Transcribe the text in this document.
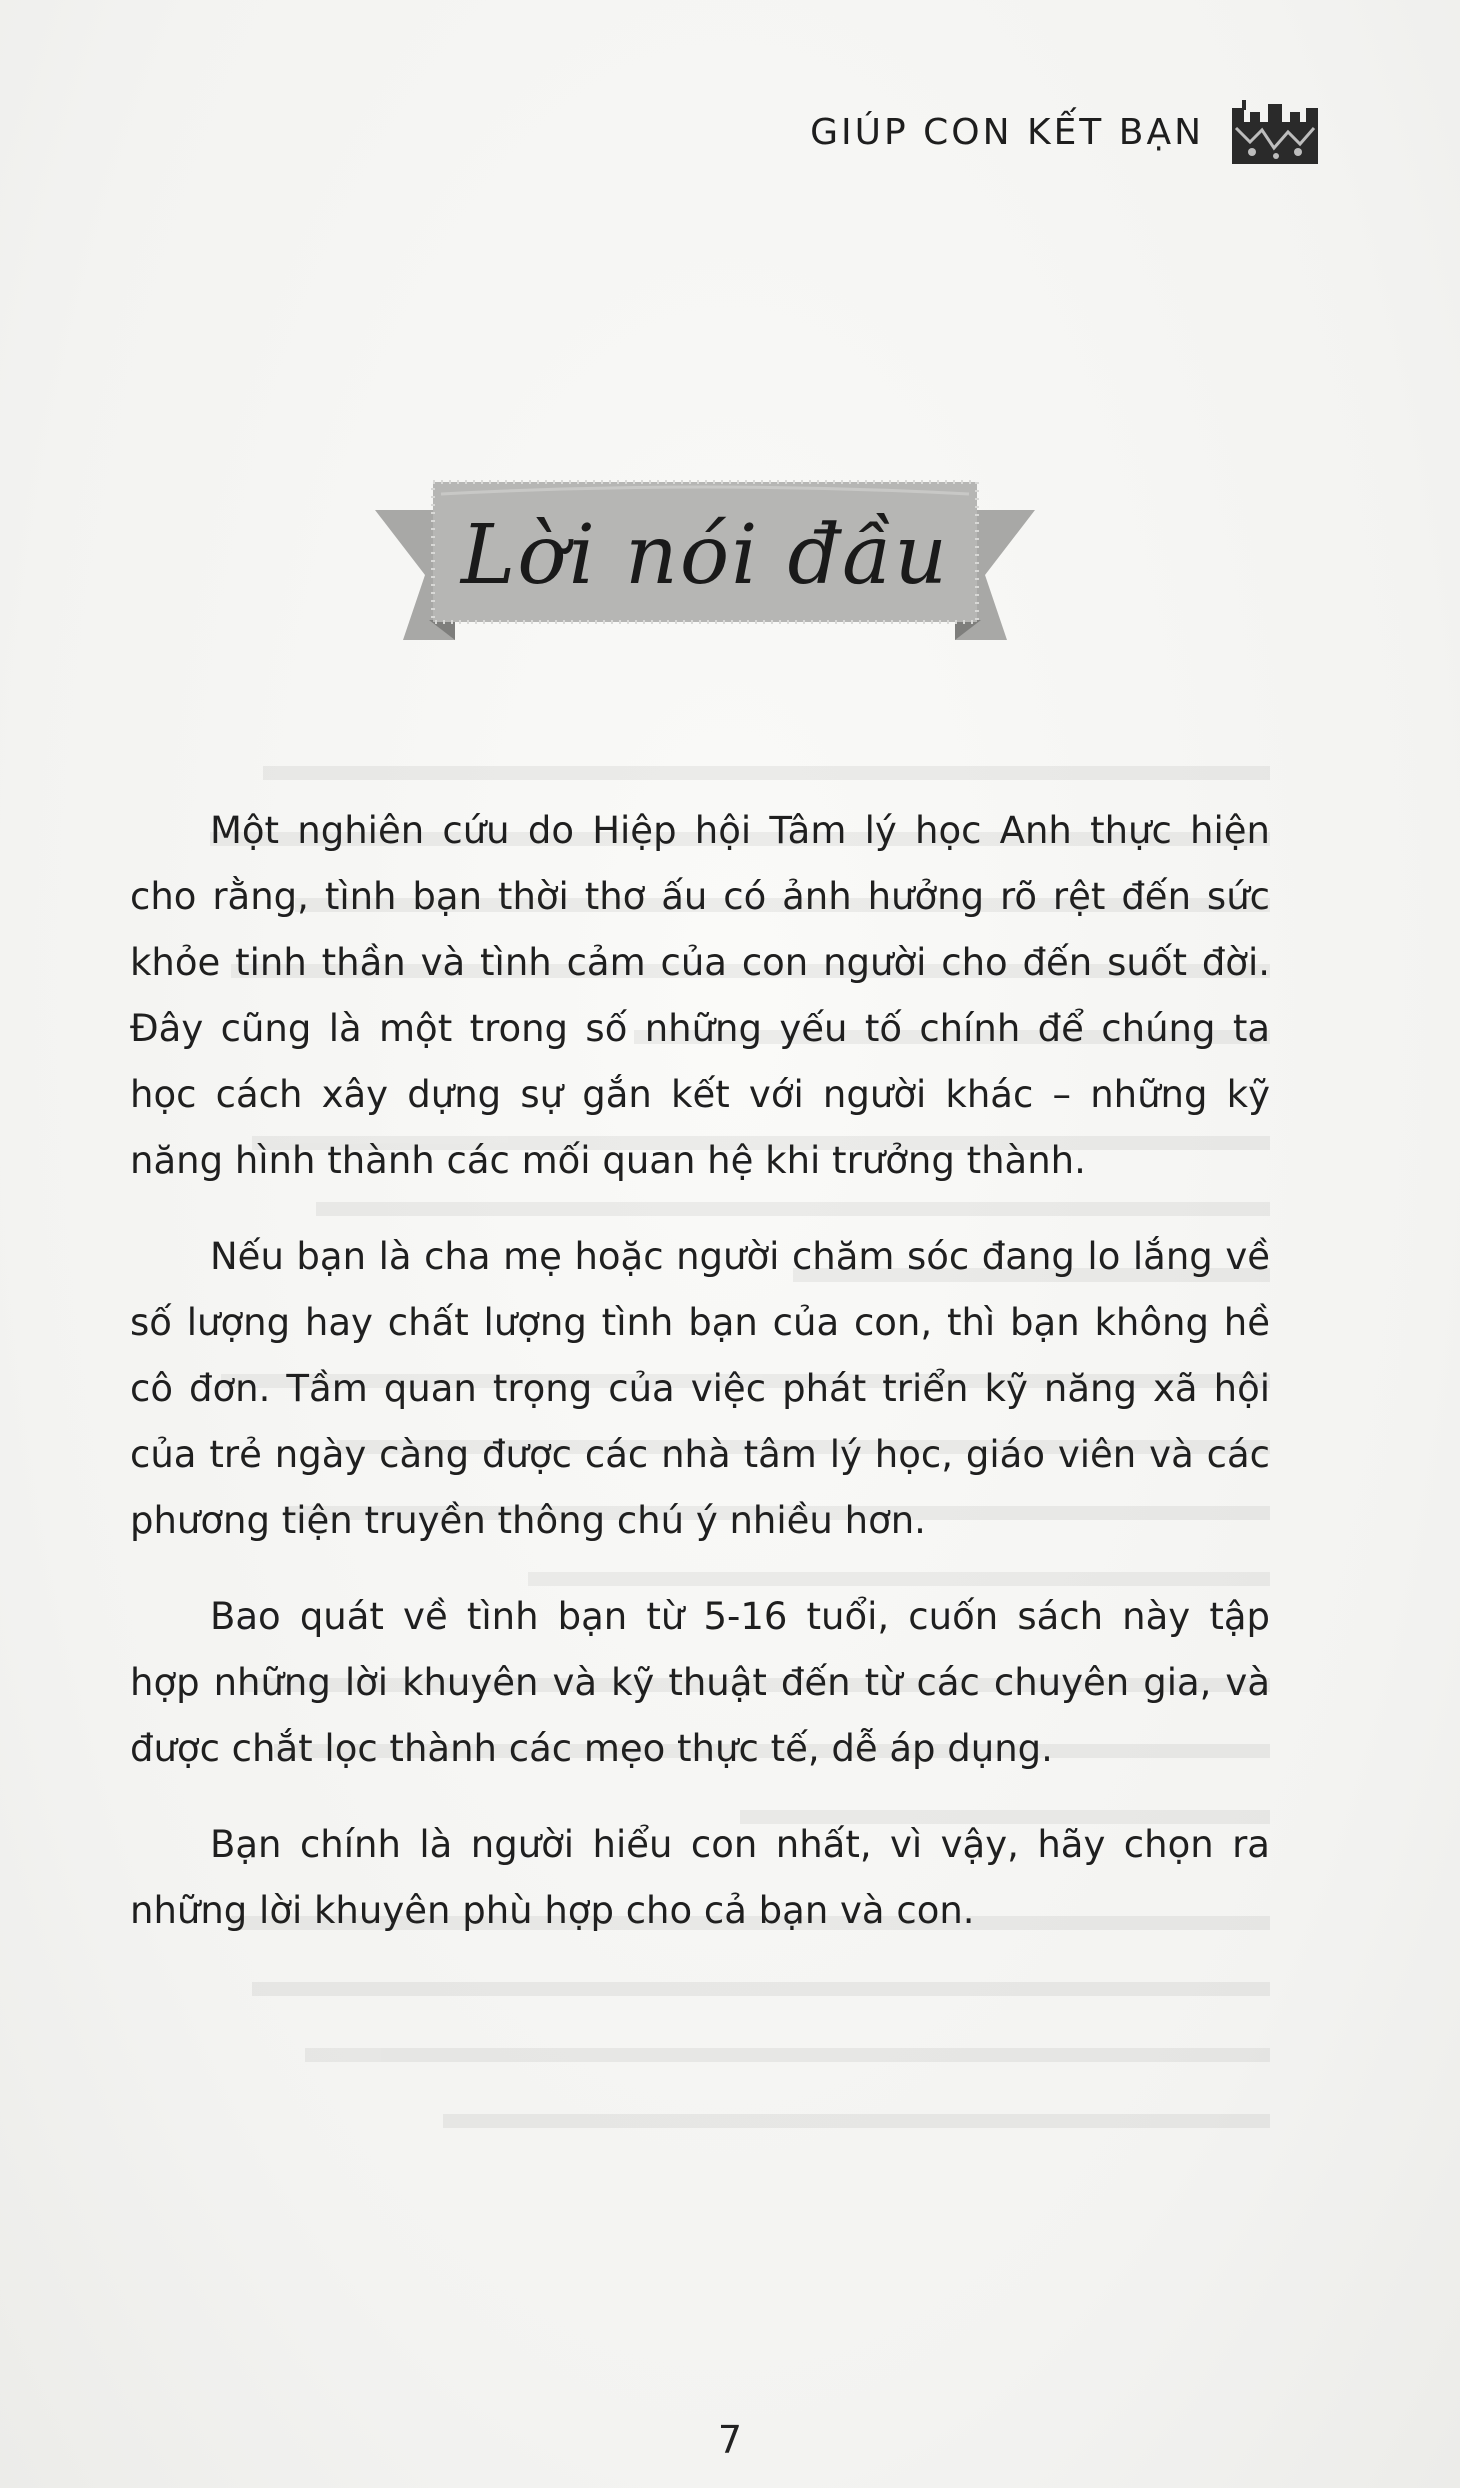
GIÚP CON KẾT BẠN
Lời nói đầu

Một nghiên cứu do Hiệp hội Tâm lý học Anh thực hiện cho rằng, tình bạn thời thơ ấu có ảnh hưởng rõ rệt đến sức khỏe tinh thần và tình cảm của con người cho đến suốt đời. Đây cũng là một trong số những yếu tố chính để chúng ta học cách xây dựng sự gắn kết với người khác – những kỹ năng hình thành các mối quan hệ khi trưởng thành.

Nếu bạn là cha mẹ hoặc người chăm sóc đang lo lắng về số lượng hay chất lượng tình bạn của con, thì bạn không hề cô đơn. Tầm quan trọng của việc phát triển kỹ năng xã hội của trẻ ngày càng được các nhà tâm lý học, giáo viên và các phương tiện truyền thông chú ý nhiều hơn.

Bao quát về tình bạn từ 5-16 tuổi, cuốn sách này tập hợp những lời khuyên và kỹ thuật đến từ các chuyên gia, và được chắt lọc thành các mẹo thực tế, dễ áp dụng.

Bạn chính là người hiểu con nhất, vì vậy, hãy chọn ra những lời khuyên phù hợp cho cả bạn và con.

7
